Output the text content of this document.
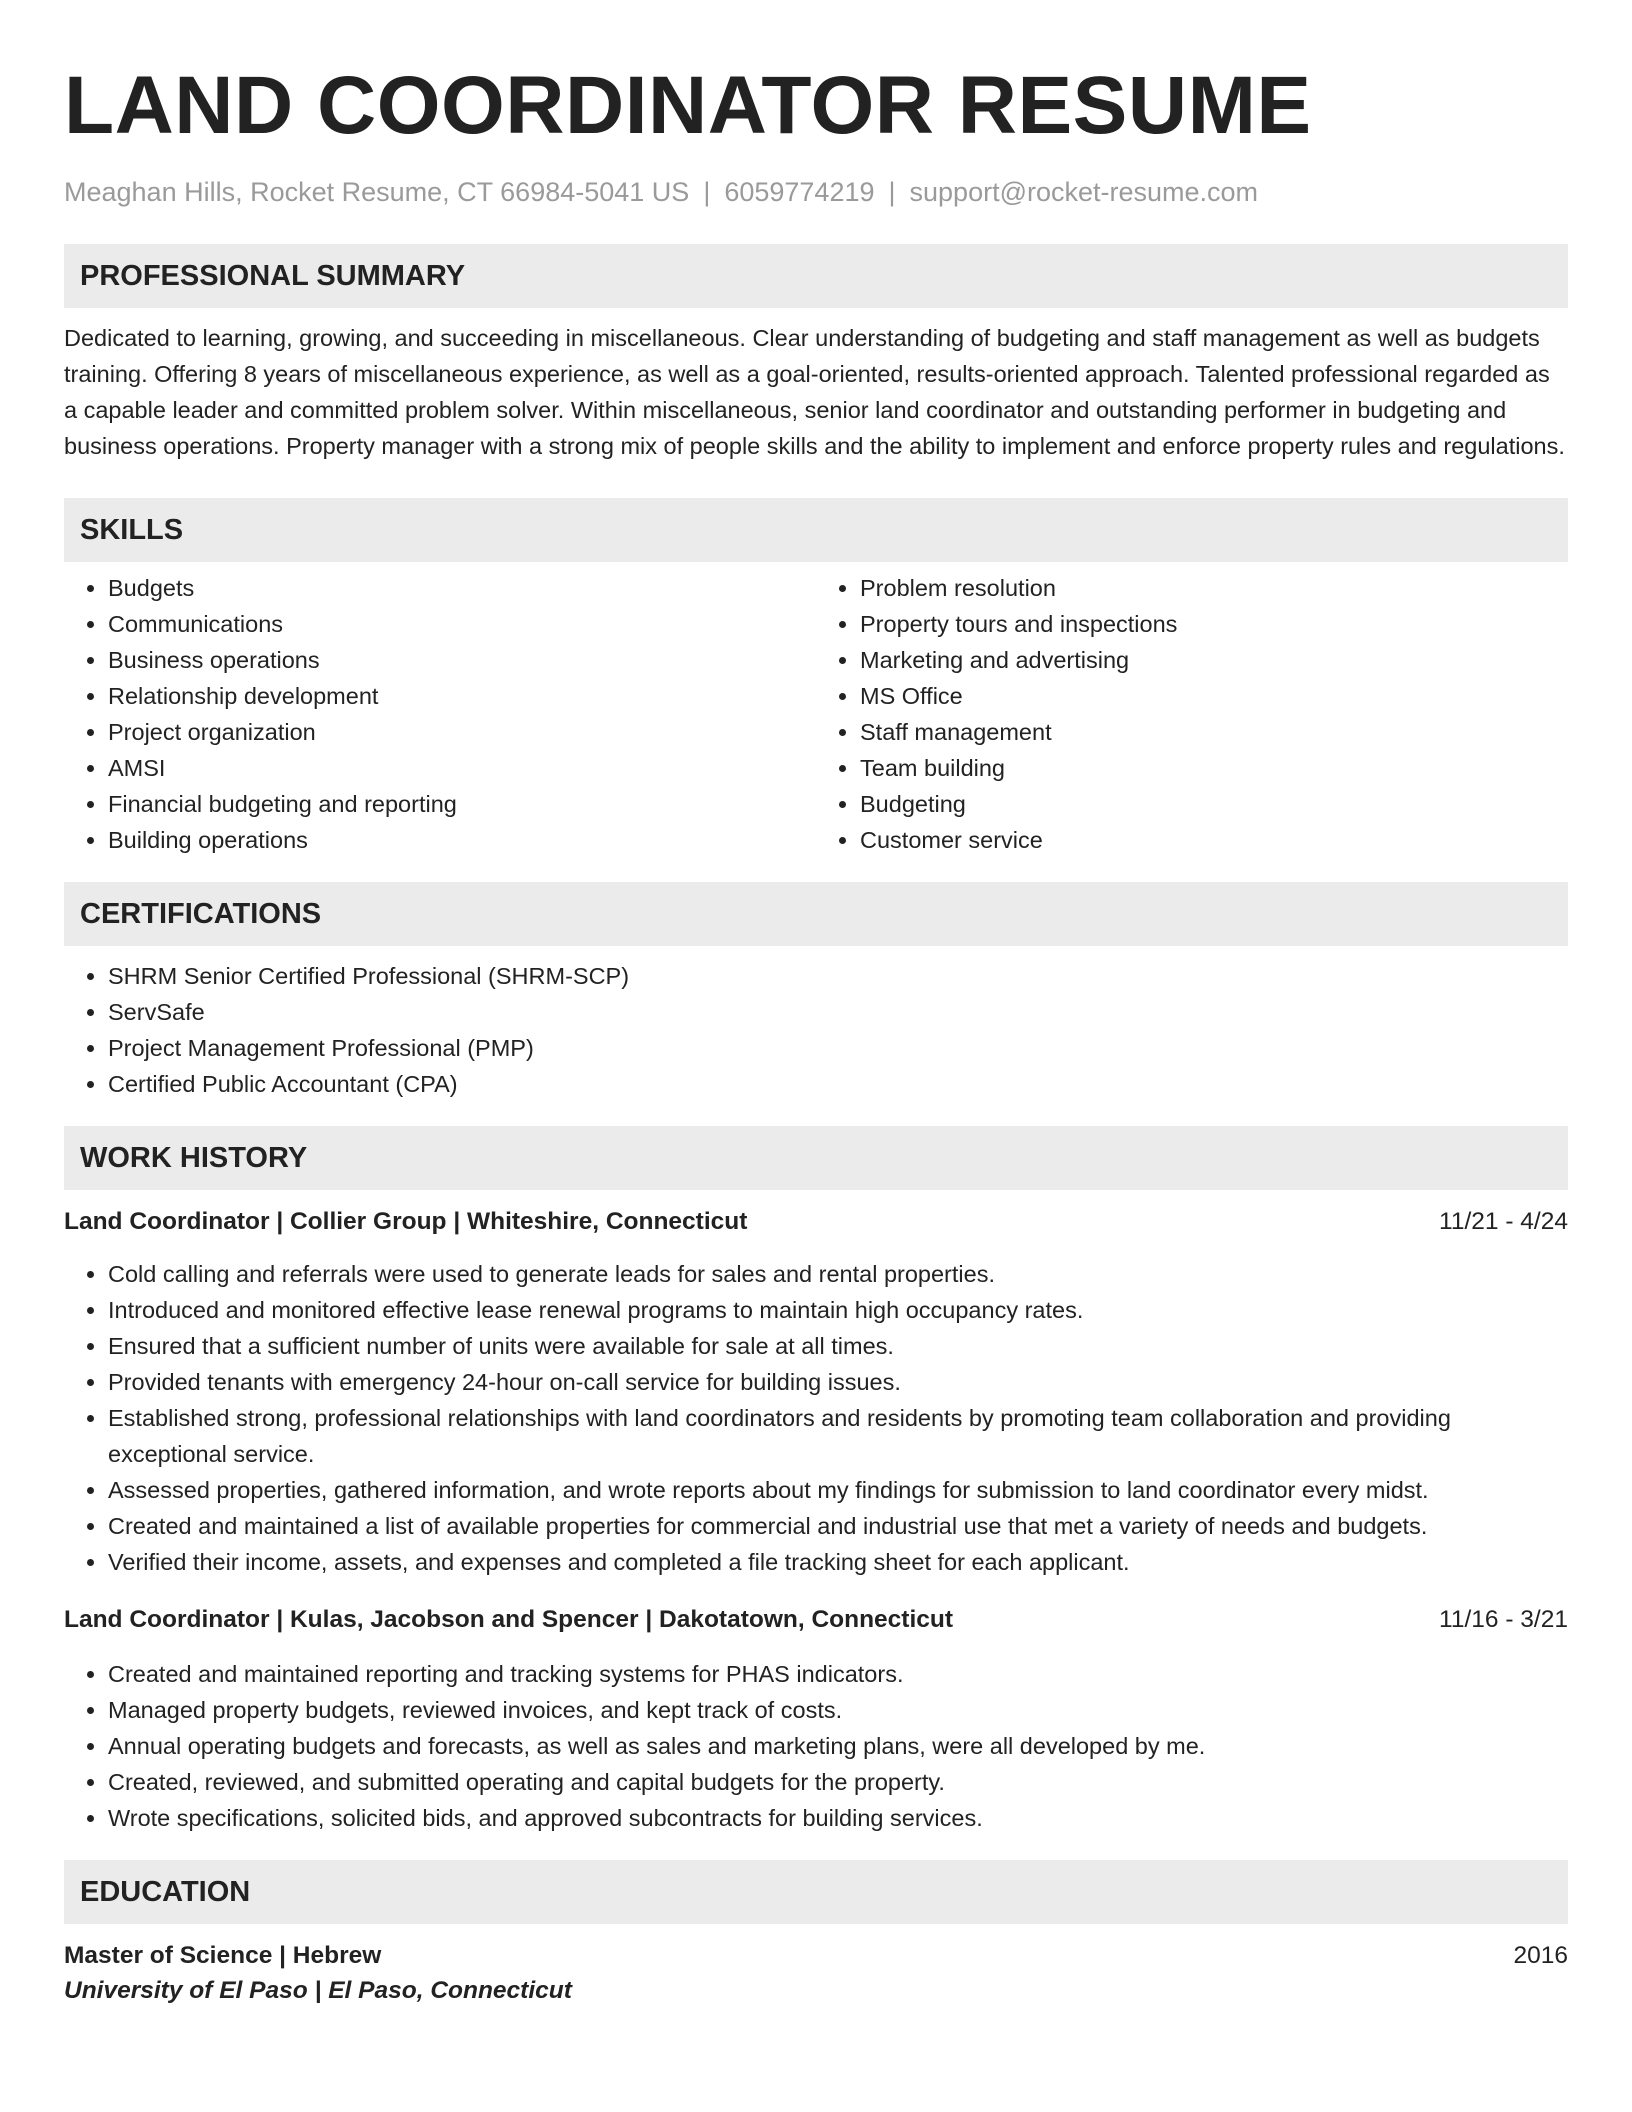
LAND COORDINATOR RESUME
Meaghan Hills, Rocket Resume, CT 66984-5041 US | 6059774219 | support@rocket-resume.com
PROFESSIONAL SUMMARY

Dedicated to learning, growing, and succeeding in miscellaneous. Clear understanding of budgeting and staff management as well as budgets training. Offering 8 years of miscellaneous experience, as well as a goal-oriented, results-oriented approach. Talented professional regarded as a capable leader and committed problem solver. Within miscellaneous, senior land coordinator and outstanding performer in budgeting and business operations. Property manager with a strong mix of people skills and the ability to implement and enforce property rules and regulations.

SKILLS
• Budgets
• Communications
• Business operations
• Relationship development
• Project organization
• AMSI
• Financial budgeting and reporting
• Building operations
• Problem resolution
• Property tours and inspections
• Marketing and advertising
• MS Office
• Staff management
• Team building
• Budgeting
• Customer service
CERTIFICATIONS
• SHRM Senior Certified Professional (SHRM-SCP)
• ServSafe
• Project Management Professional (PMP)
• Certified Public Accountant (CPA)
WORK HISTORY
Land Coordinator | Collier Group | Whiteshire, Connecticut	11/21 - 4/24
• Cold calling and referrals were used to generate leads for sales and rental properties.
• Introduced and monitored effective lease renewal programs to maintain high occupancy rates.
• Ensured that a sufficient number of units were available for sale at all times.
• Provided tenants with emergency 24-hour on-call service for building issues.
• Established strong, professional relationships with land coordinators and residents by promoting team collaboration and providing exceptional service.
• Assessed properties, gathered information, and wrote reports about my findings for submission to land coordinator every midst.
• Created and maintained a list of available properties for commercial and industrial use that met a variety of needs and budgets.
• Verified their income, assets, and expenses and completed a file tracking sheet for each applicant.
Land Coordinator | Kulas, Jacobson and Spencer | Dakotatown, Connecticut	11/16 - 3/21
• Created and maintained reporting and tracking systems for PHAS indicators.
• Managed property budgets, reviewed invoices, and kept track of costs.
• Annual operating budgets and forecasts, as well as sales and marketing plans, were all developed by me.
• Created, reviewed, and submitted operating and capital budgets for the property.
• Wrote specifications, solicited bids, and approved subcontracts for building services.
EDUCATION
Master of Science | Hebrew	2016
University of El Paso | El Paso, Connecticut
